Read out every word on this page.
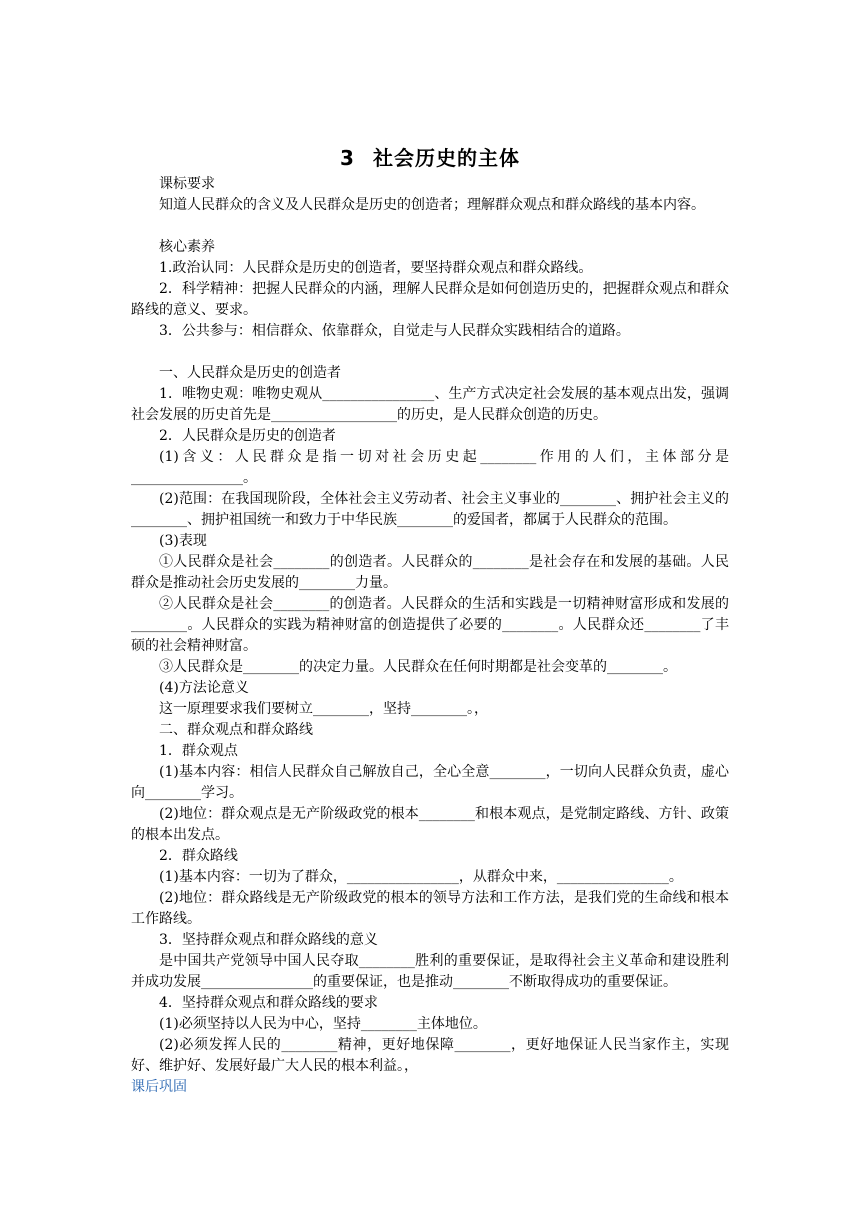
3 社会历史的主体

课标要求

知道人民群众的含义及人民群众是历史的创造者；理解群众观点和群众路线的基本内容。

核心素养

1.政治认同：人民群众是历史的创造者，要坚持群众观点和群众路线。

2．科学精神：把握人民群众的内涵，理解人民群众是如何创造历史的，把握群众观点和群众路线的意义、要求。

3．公共参与：相信群众、依靠群众，自觉走与人民群众实践相结合的道路。

一、人民群众是历史的创造者

1．唯物史观：唯物史观从________________、生产方式决定社会发展的基本观点出发，强调社会发展的历史首先是__________________的历史，是人民群众创造的历史。

2．人民群众是历史的创造者

(1)含义：人民群众是指一切对社会历史起________作用的人们，主体部分是________________。

(2)范围：在我国现阶段，全体社会主义劳动者、社会主义事业的________、拥护社会主义的________、拥护祖国统一和致力于中华民族________的爱国者，都属于人民群众的范围。

(3)表现

①人民群众是社会________的创造者。人民群众的________是社会存在和发展的基础。人民群众是推动社会历史发展的________力量。

②人民群众是社会________的创造者。人民群众的生活和实践是一切精神财富形成和发展的________。人民群众的实践为精神财富的创造提供了必要的________。人民群众还________了丰硕的社会精神财富。

③人民群众是________的决定力量。人民群众在任何时期都是社会变革的________。

(4)方法论意义

这一原理要求我们要树立________，坚持________。，

二、群众观点和群众路线

1．群众观点

(1)基本内容：相信人民群众自己解放自己，全心全意________，一切向人民群众负责，虚心向________学习。

(2)地位：群众观点是无产阶级政党的根本________和根本观点，是党制定路线、方针、政策的根本出发点。

2．群众路线

(1)基本内容：一切为了群众，________________，从群众中来，________________。

(2)地位：群众路线是无产阶级政党的根本的领导方法和工作方法，是我们党的生命线和根本工作路线。

3．坚持群众观点和群众路线的意义

是中国共产党领导中国人民夺取________胜利的重要保证，是取得社会主义革命和建设胜利并成功发展________________的重要保证，也是推动________不断取得成功的重要保证。

4．坚持群众观点和群众路线的要求

(1)必须坚持以人民为中心，坚持________主体地位。

(2)必须发挥人民的________精神，更好地保障________，更好地保证人民当家作主，实现好、维护好、发展好最广大人民的根本利益。，

课后巩固
